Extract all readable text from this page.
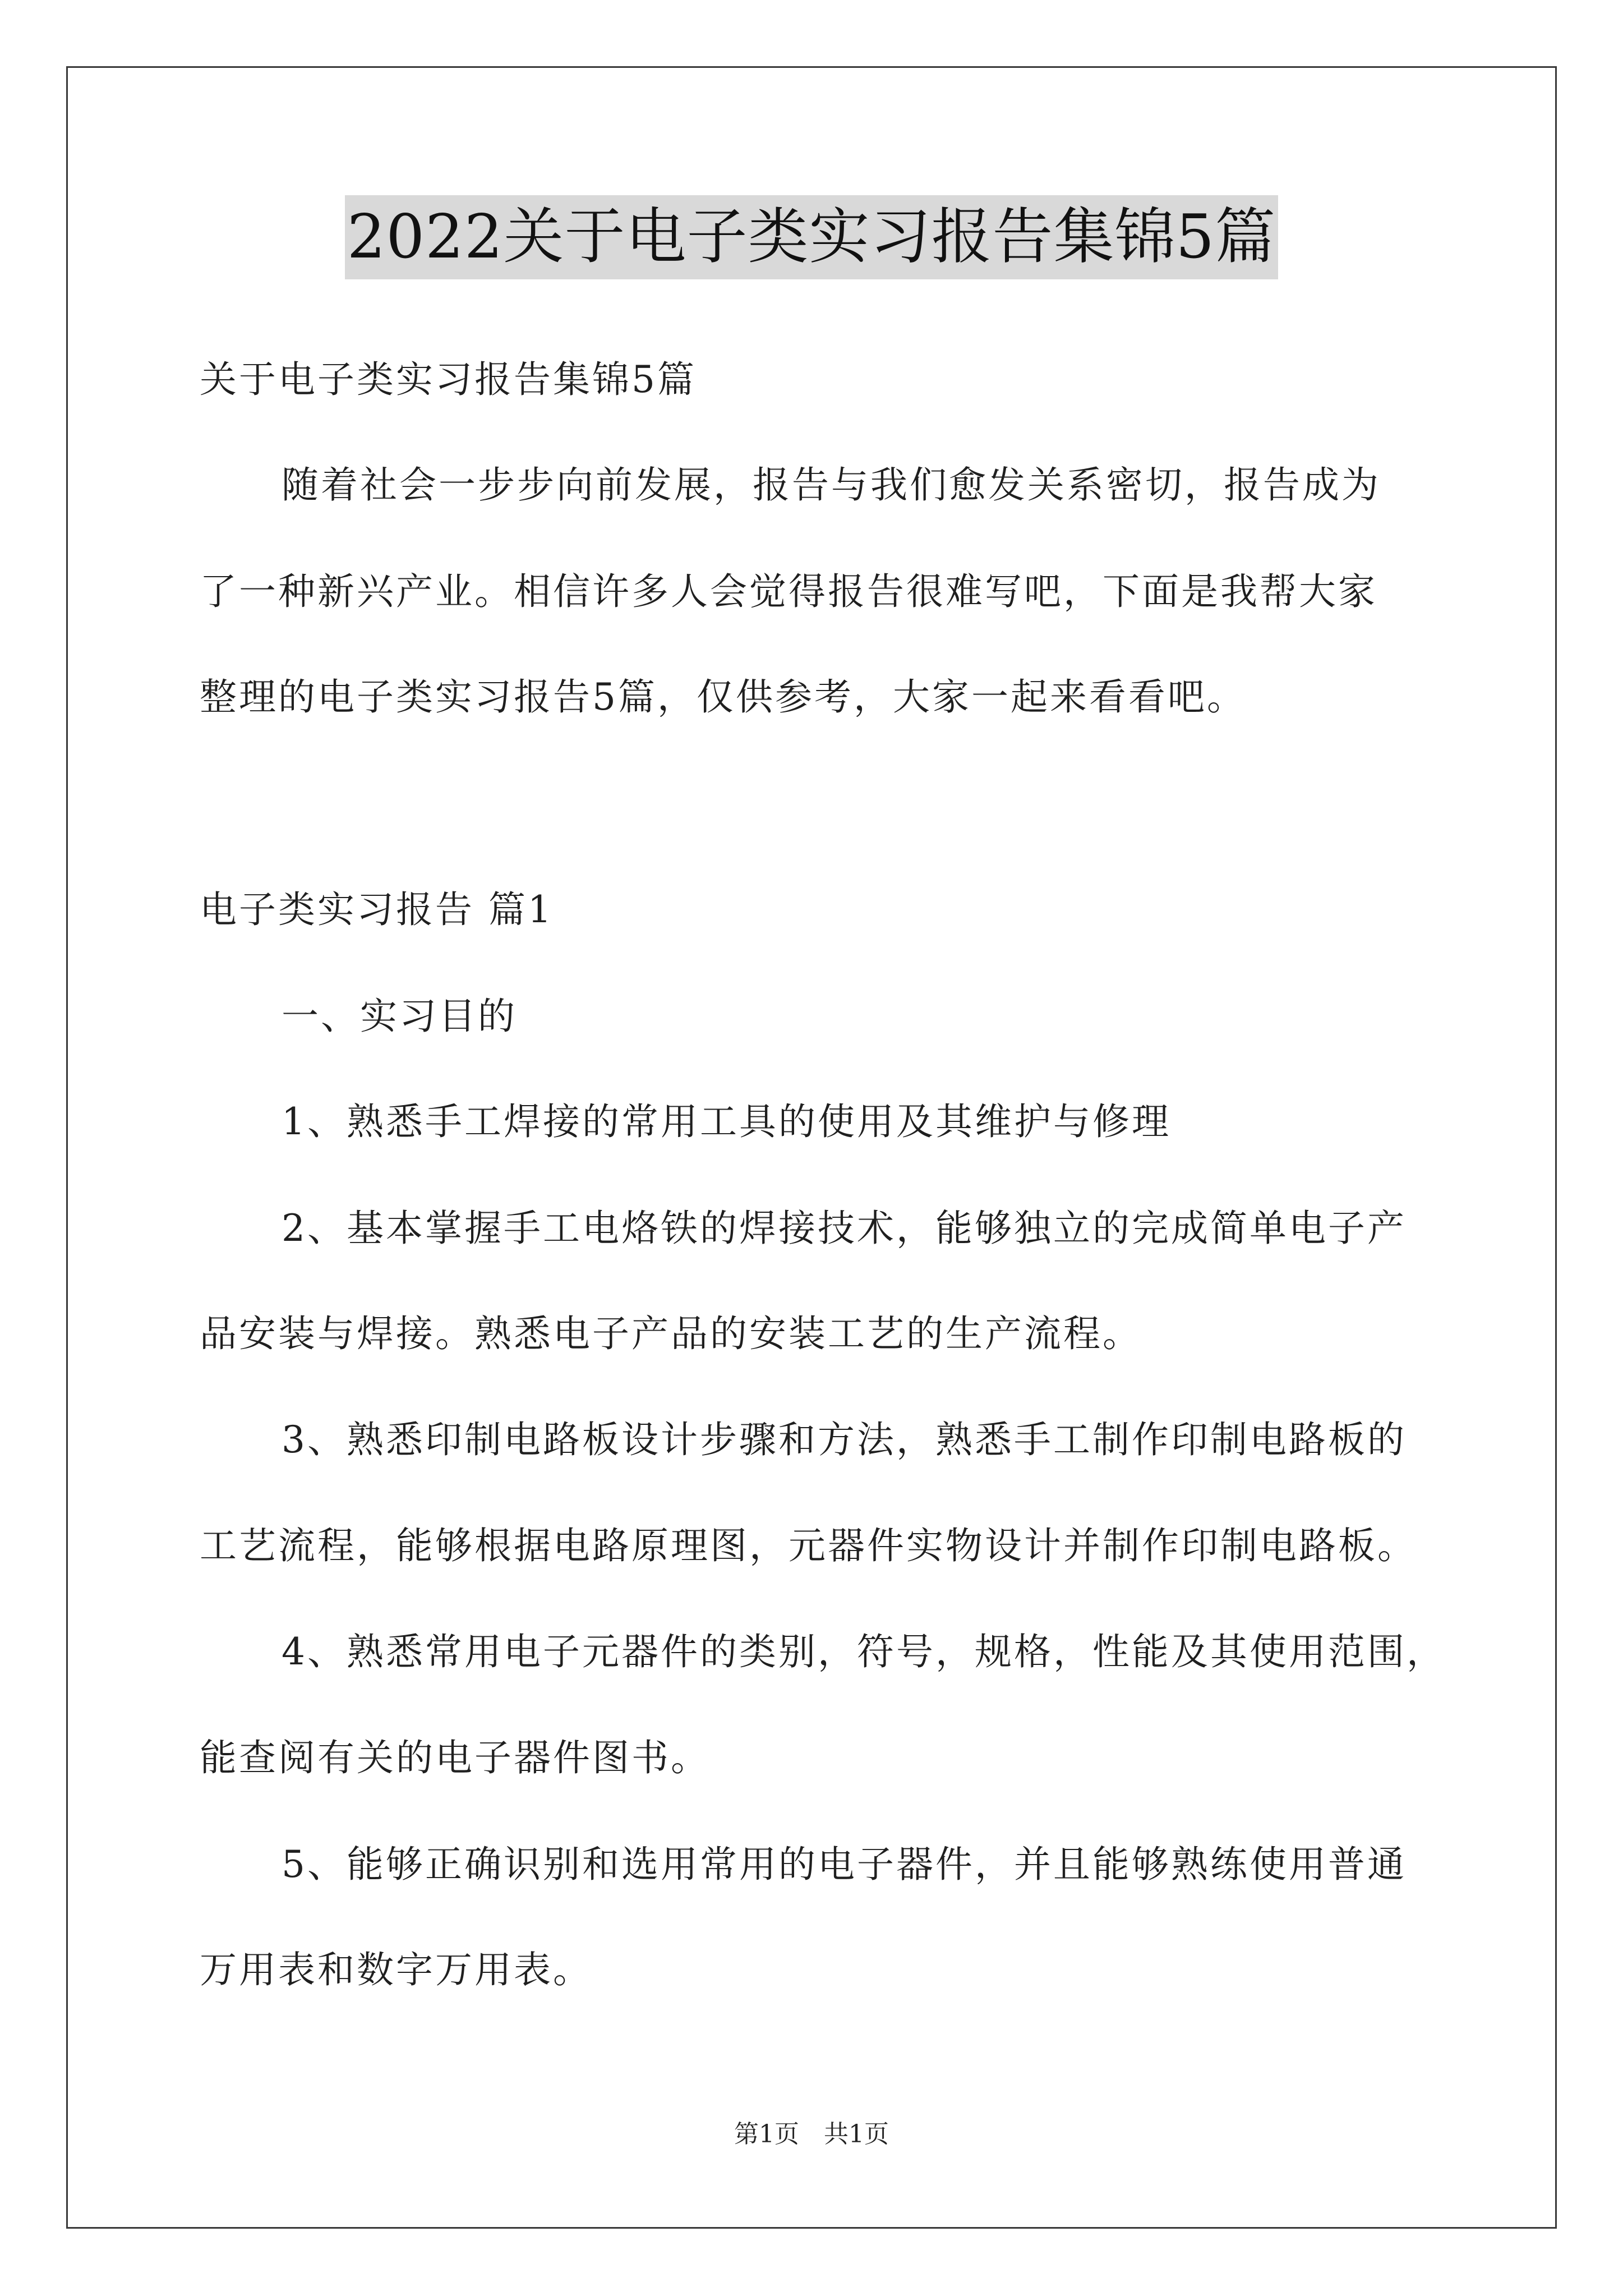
2022关于电子类实习报告集锦5篇
关于电子类实习报告集锦5篇
随着社会一步步向前发展，报告与我们愈发关系密切，报告成为
了一种新兴产业。相信许多人会觉得报告很难写吧，下面是我帮大家
整理的电子类实习报告5篇，仅供参考，大家一起来看看吧。
电子类实习报告 篇1
一、实习目的
1、熟悉手工焊接的常用工具的使用及其维护与修理
2、基本掌握手工电烙铁的焊接技术，能够独立的完成简单电子产
品安装与焊接。熟悉电子产品的安装工艺的生产流程。
3、熟悉印制电路板设计步骤和方法，熟悉手工制作印制电路板的
工艺流程，能够根据电路原理图，元器件实物设计并制作印制电路板。
4、熟悉常用电子元器件的类别，符号，规格，性能及其使用范围，
能查阅有关的电子器件图书。
5、能够正确识别和选用常用的电子器件，并且能够熟练使用普通
万用表和数字万用表。
第1页　共1页
